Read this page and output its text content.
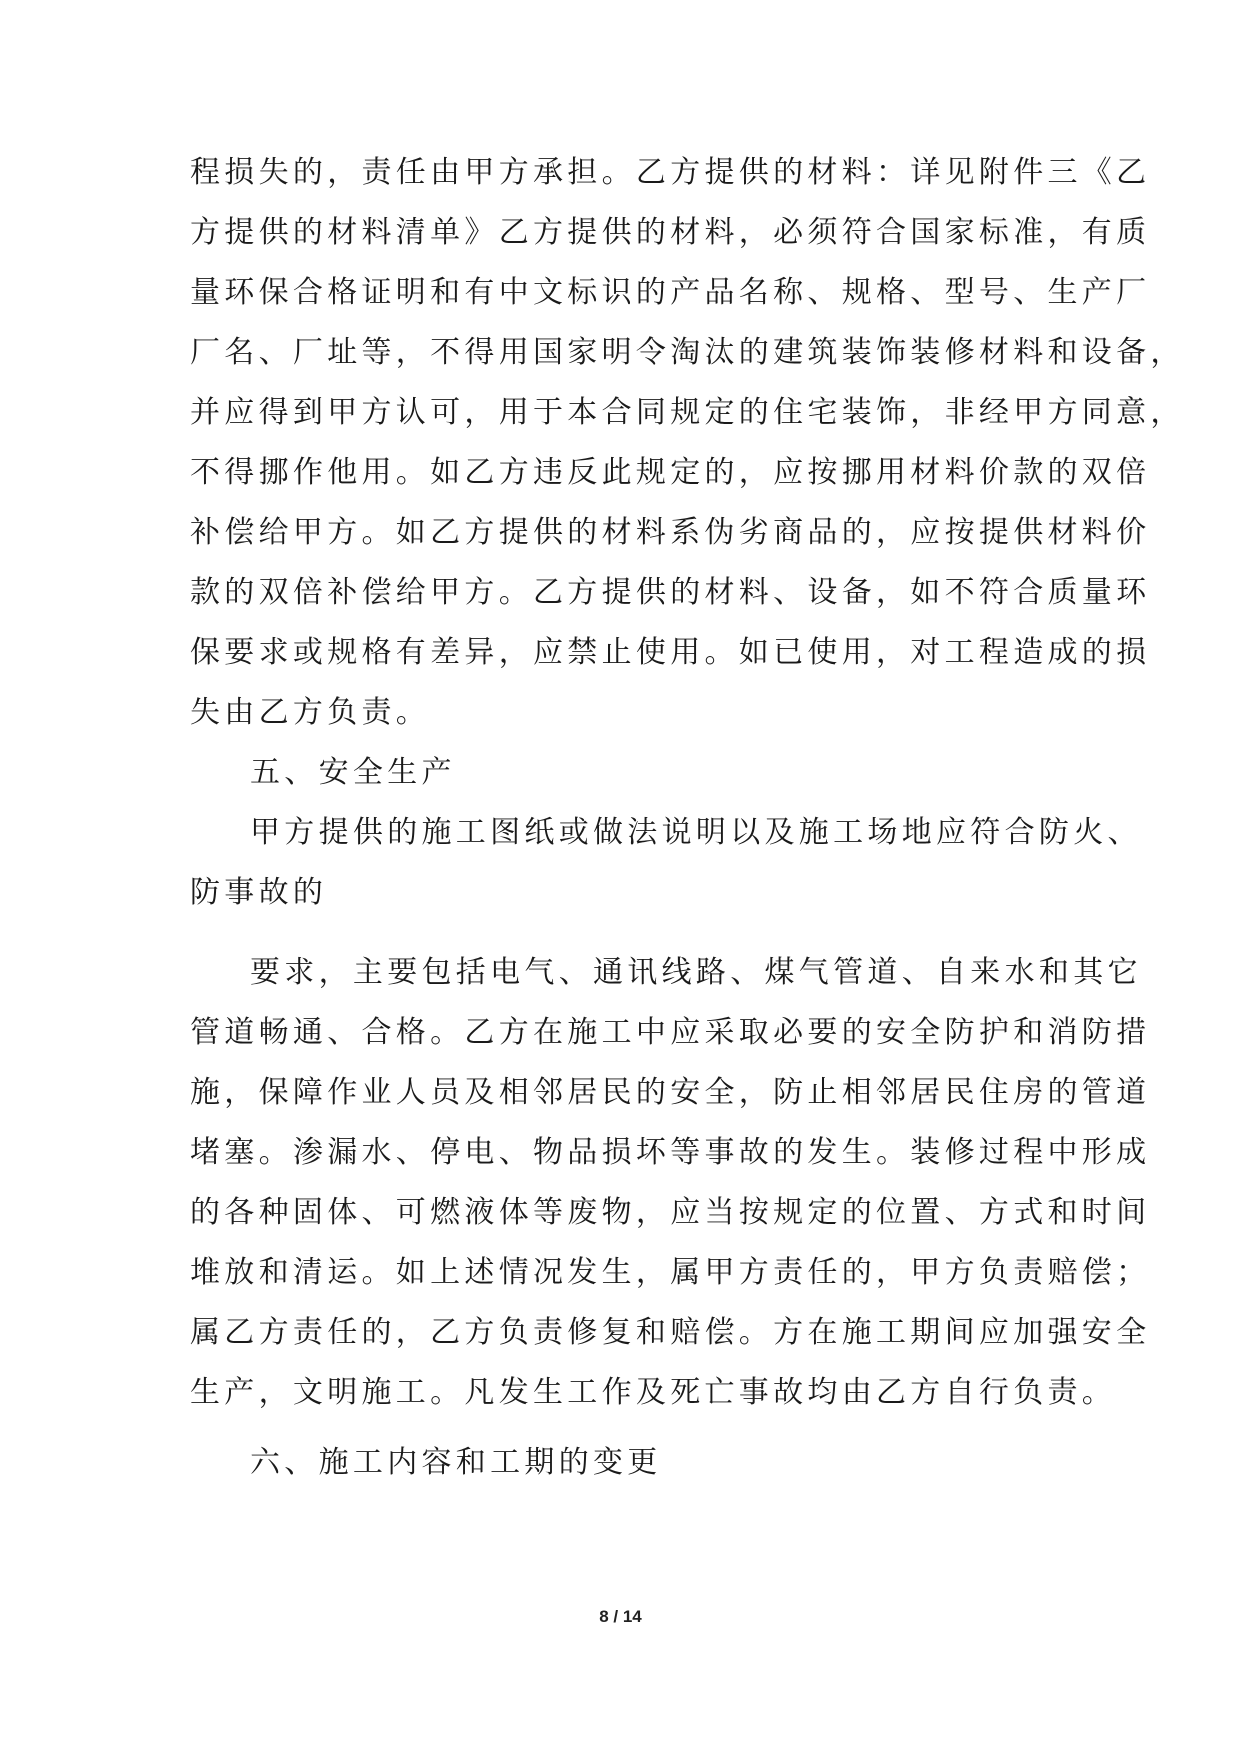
程损失的，责任由甲方承担。乙方提供的材料：详见附件三《乙
方提供的材料清单》乙方提供的材料，必须符合国家标准，有质
量环保合格证明和有中文标识的产品名称、规格、型号、生产厂
厂名、厂址等，不得用国家明令淘汰的建筑装饰装修材料和设备，
并应得到甲方认可，用于本合同规定的住宅装饰，非经甲方同意，
不得挪作他用。如乙方违反此规定的，应按挪用材料价款的双倍
补偿给甲方。如乙方提供的材料系伪劣商品的，应按提供材料价
款的双倍补偿给甲方。乙方提供的材料、设备，如不符合质量环
保要求或规格有差异，应禁止使用。如已使用，对工程造成的损
失由乙方负责。
五、安全生产
甲方提供的施工图纸或做法说明以及施工场地应符合防火、
防事故的
要求，主要包括电气、通讯线路、煤气管道、自来水和其它
管道畅通、合格。乙方在施工中应采取必要的安全防护和消防措
施，保障作业人员及相邻居民的安全，防止相邻居民住房的管道
堵塞。渗漏水、停电、物品损坏等事故的发生。装修过程中形成
的各种固体、可燃液体等废物，应当按规定的位置、方式和时间
堆放和清运。如上述情况发生，属甲方责任的，甲方负责赔偿；
属乙方责任的，乙方负责修复和赔偿。方在施工期间应加强安全
生产，文明施工。凡发生工作及死亡事故均由乙方自行负责。
六、施工内容和工期的变更
8 / 14
